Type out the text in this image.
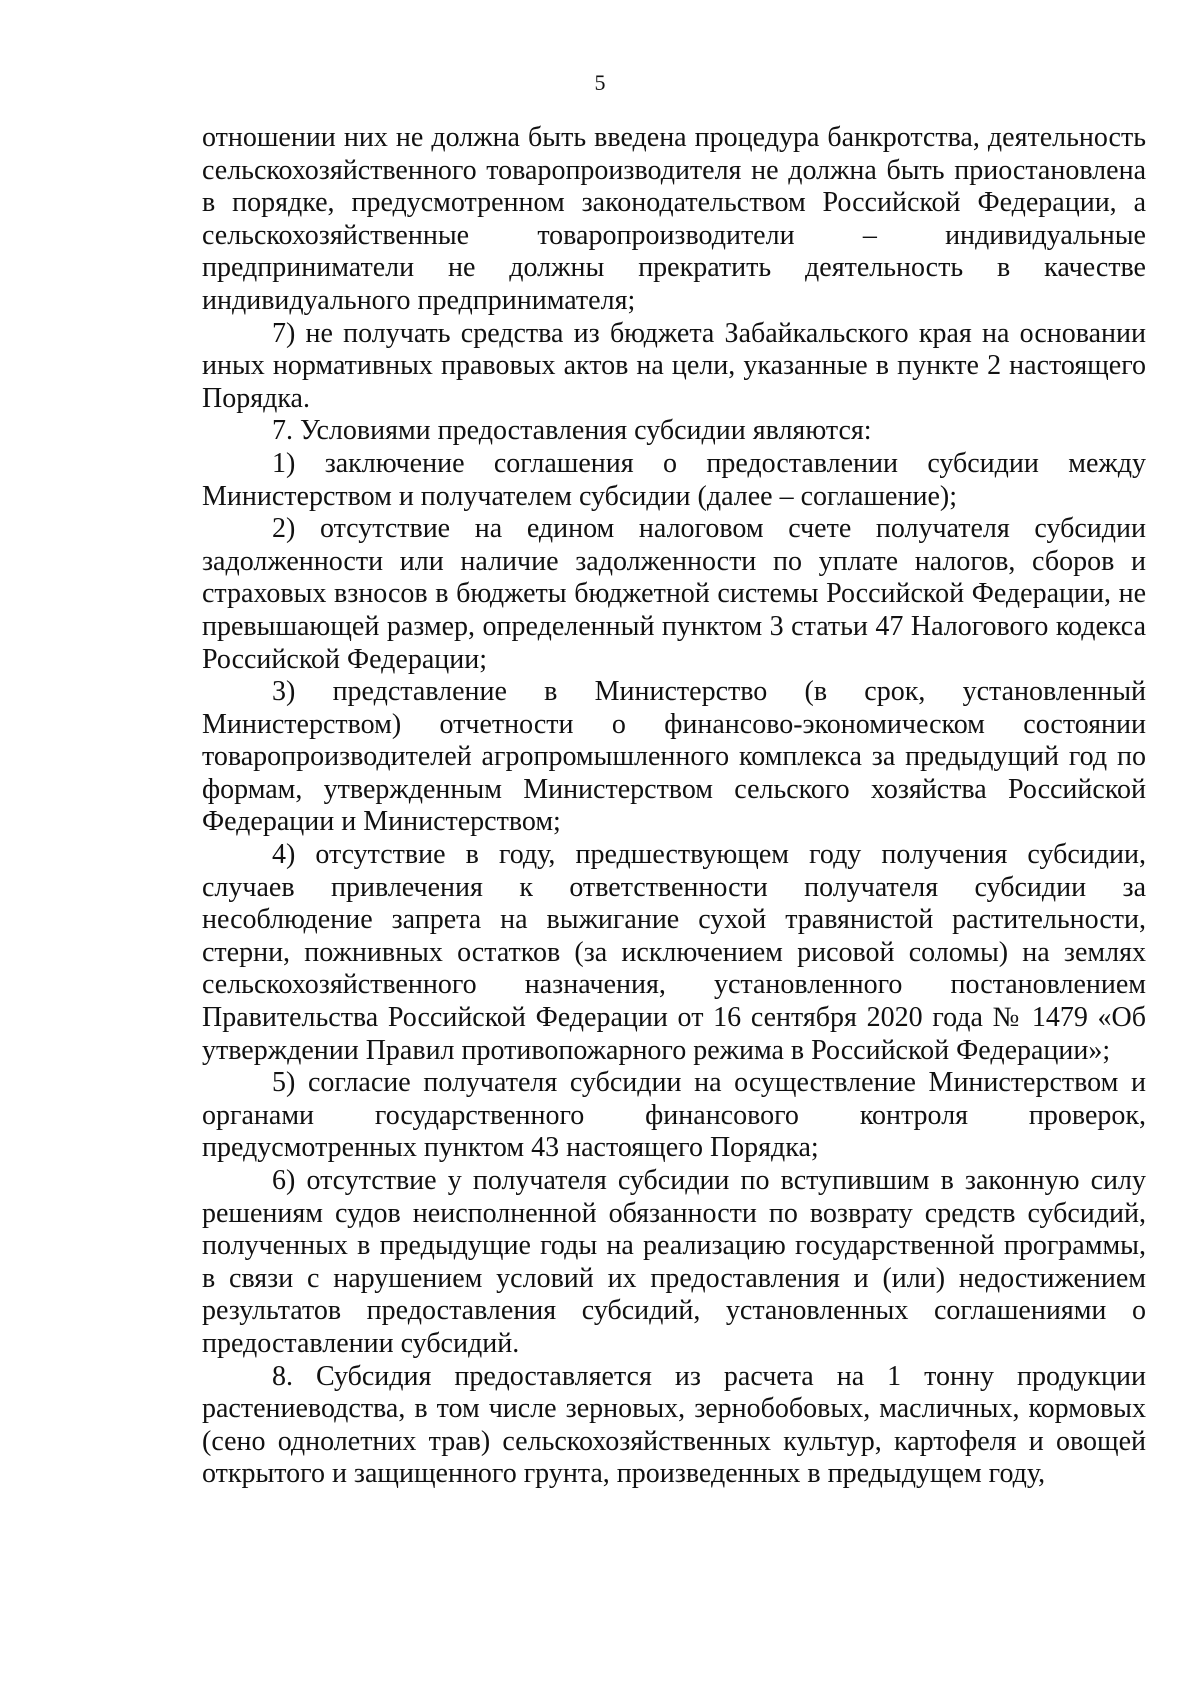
5

отношении них не должна быть введена процедура банкротства, деятельность сельскохозяйственного товаропроизводителя не должна быть приостановлена в порядке, предусмотренном законодательством Российской Федерации, а сельскохозяйственные товаропроизводители – индивидуальные предприниматели не должны прекратить деятельность в качестве индивидуального предпринимателя;

7) не получать средства из бюджета Забайкальского края на основании иных нормативных правовых актов на цели, указанные в пункте 2 настоящего Порядка.

7. Условиями предоставления субсидии являются:

1) заключение соглашения о предоставлении субсидии между Министерством и получателем субсидии (далее – соглашение);

2) отсутствие на едином налоговом счете получателя субсидии задолженности или наличие задолженности по уплате налогов, сборов и страховых взносов в бюджеты бюджетной системы Российской Федерации, не превышающей размер, определенный пунктом 3 статьи 47 Налогового кодекса Российской Федерации;

3) представление в Министерство (в срок, установленный Министерством) отчетности о финансово-экономическом состоянии товаропроизводителей агропромышленного комплекса за предыдущий год по формам, утвержденным Министерством сельского хозяйства Российской Федерации и Министерством;

4) отсутствие в году, предшествующем году получения субсидии, случаев привлечения к ответственности получателя субсидии за несоблюдение запрета на выжигание сухой травянистой растительности, стерни, пожнивных остатков (за исключением рисовой соломы) на землях сельскохозяйственного назначения, установленного постановлением Правительства Российской Федерации от 16 сентября 2020 года № 1479 «Об утверждении Правил противопожарного режима в Российской Федерации»;

5) согласие получателя субсидии на осуществление Министерством и органами государственного финансового контроля проверок, предусмотренных пунктом 43 настоящего Порядка;

6) отсутствие у получателя субсидии по вступившим в законную силу решениям судов неисполненной обязанности по возврату средств субсидий, полученных в предыдущие годы на реализацию государственной программы, в связи с нарушением условий их предоставления и (или) недостижением результатов предоставления субсидий, установленных соглашениями о предоставлении субсидий.

8. Субсидия предоставляется из расчета на 1 тонну продукции растениеводства, в том числе зерновых, зернобобовых, масличных, кормовых (сено однолетних трав) сельскохозяйственных культур, картофеля и овощей открытого и защищенного грунта, произведенных в предыдущем году,
